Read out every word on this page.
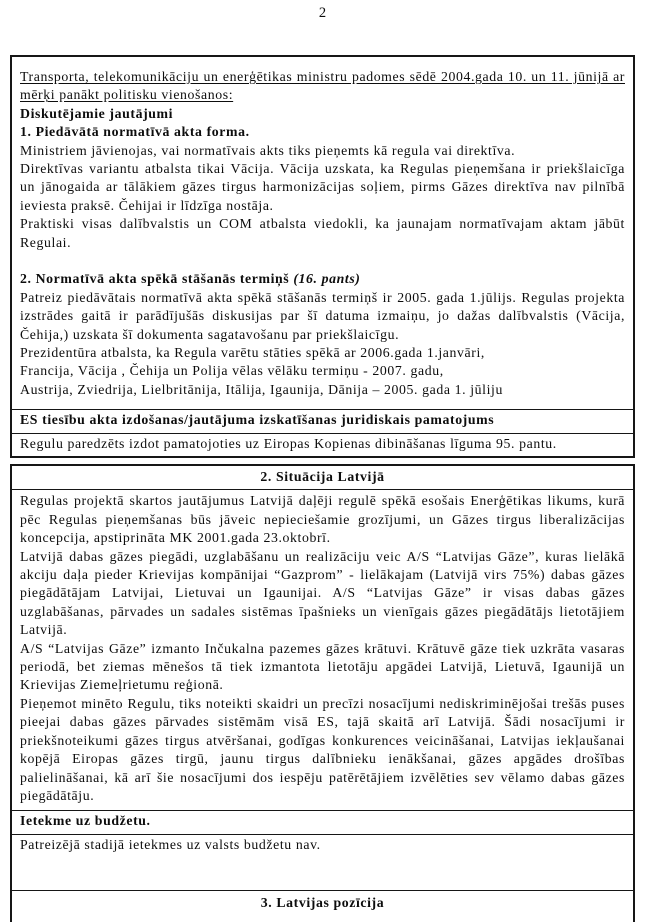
2

Transporta, telekomunikāciju un enerģētikas ministru padomes sēdē 2004.gada 10. un 11. jūnijā ar mērķi panākt politisku vienošanos:

Diskutējamie jautājumi

1. Piedāvātā normatīvā akta forma.

Ministriem jāvienojas, vai normatīvais akts tiks pieņemts kā regula vai direktīva.

Direktīvas variantu atbalsta tikai Vācija. Vācija uzskata, ka Regulas pieņemšana ir priekšlaicīga un jānogaida ar tālākiem gāzes tirgus harmonizācijas soļiem, pirms Gāzes direktīva nav pilnībā ieviesta praksē. Čehijai ir līdzīga nostāja.

Praktiski visas dalībvalstis un COM atbalsta viedokli, ka jaunajam normatīvajam aktam jābūt Regulai.

2. Normatīvā akta spēkā stāšanās termiņš (16. pants)

Patreiz piedāvātais normatīvā akta spēkā stāšanās termiņš ir 2005. gada 1.jūlijs. Regulas projekta izstrādes gaitā ir parādījušās diskusijas par šī datuma izmaiņu, jo dažas dalībvalstis (Vācija, Čehija,) uzskata šī dokumenta sagatavošanu par priekšlaicīgu.

Prezidentūra atbalsta, ka Regula varētu stāties spēkā ar 2006.gada 1.janvāri,

Francija, Vācija , Čehija un Polija vēlas vēlāku termiņu - 2007. gadu,

Austrija, Zviedrija, Lielbritānija, Itālija, Igaunija, Dānija – 2005. gada 1. jūliju

ES tiesību akta izdošanas/jautājuma izskatīšanas juridiskais pamatojums
Regulu paredzēts izdot pamatojoties uz Eiropas Kopienas dibināšanas līguma 95. pantu.
2. Situācija Latvijā

Regulas projektā skartos jautājumus Latvijā daļēji regulē spēkā esošais Enerģētikas likums, kurā pēc Regulas pieņemšanas būs jāveic nepieciešamie grozījumi, un Gāzes tirgus liberalizācijas koncepcija, apstiprināta MK 2001.gada 23.oktobrī.

Latvijā dabas gāzes piegādi, uzglabāšanu un realizāciju veic A/S “Latvijas Gāze”, kuras lielākā akciju daļa pieder Krievijas kompānijai “Gazprom” - lielākajam (Latvijā virs 75%) dabas gāzes piegādātājam Latvijai, Lietuvai un Igaunijai. A/S “Latvijas Gāze” ir visas dabas gāzes uzglabāšanas, pārvades un sadales sistēmas īpašnieks un vienīgais gāzes piegādātājs lietotājiem Latvijā.

A/S “Latvijas Gāze” izmanto Inčukalna pazemes gāzes krātuvi. Krātuvē gāze tiek uzkrāta vasaras periodā, bet ziemas mēnešos tā tiek izmantota lietotāju apgādei Latvijā, Lietuvā, Igaunijā un Krievijas Ziemeļrietumu reģionā.

Pieņemot minēto Regulu, tiks noteikti skaidri un precīzi nosacījumi nediskriminējošai trešās puses pieejai dabas gāzes pārvades sistēmām visā ES, tajā skaitā arī Latvijā. Šādi nosacījumi ir priekšnoteikumi gāzes tirgus atvēršanai, godīgas konkurences veicināšanai, Latvijas iekļaušanai kopējā Eiropas gāzes tirgū, jaunu tirgus dalībnieku ienākšanai, gāzes apgādes drošības palielināšanai, kā arī šie nosacījumi dos iespēju patērētājiem izvēlēties sev vēlamo dabas gāzes piegādātāju.

Ietekme uz budžetu.
Patreizējā stadijā ietekmes uz valsts budžetu nav.
3. Latvijas pozīcija
